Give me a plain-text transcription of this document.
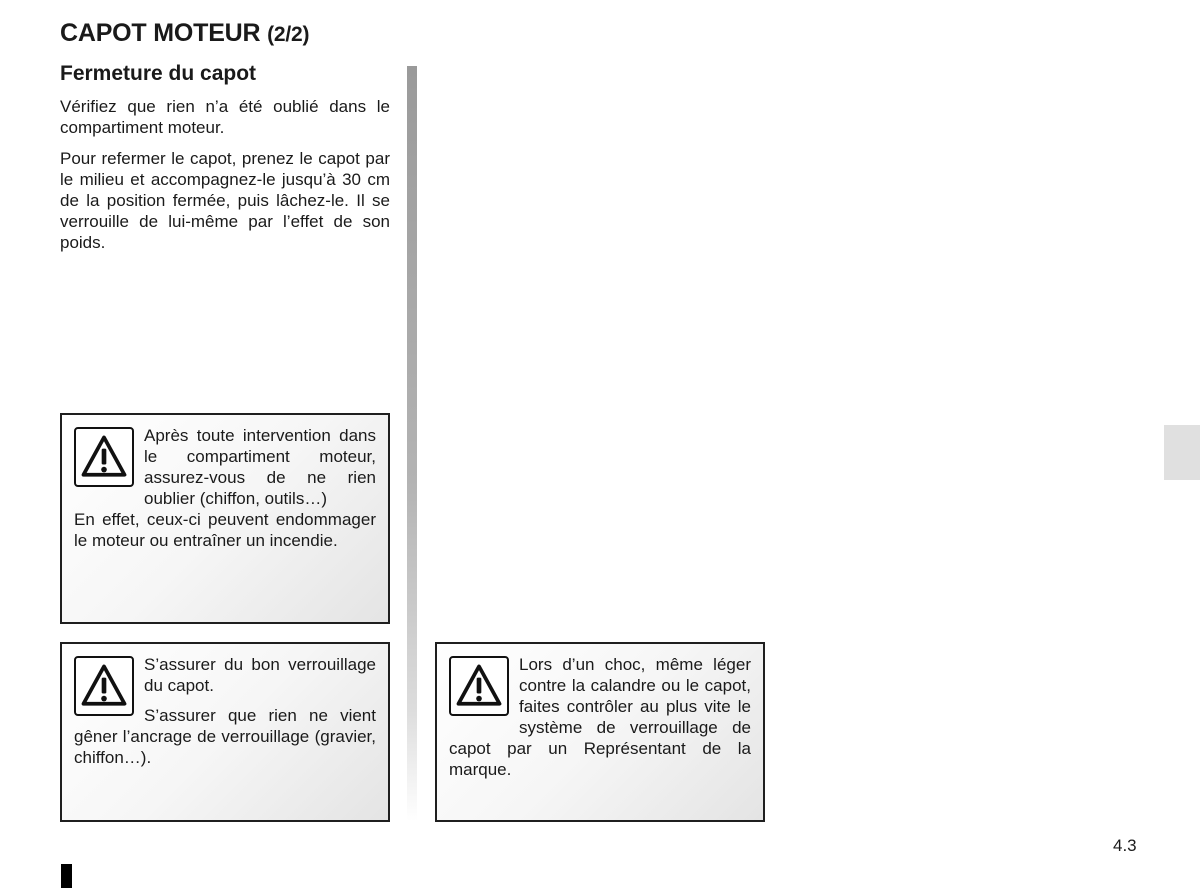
CAPOT MOTEUR (2/2)
Fermeture du capot

Vérifiez que rien n’a été oublié dans le compartiment moteur.

Pour refermer le capot, prenez le capot par le milieu et accompagnez-le jusqu’à 30 cm de la position fermée, puis lâchez-le. Il se verrouille de lui-même par l’effet de son poids.

Après toute intervention dans le compartiment moteur, assurez-vous de ne rien oublier (chiffon, outils…)

En effet, ceux-ci peuvent endommager le moteur ou entraîner un incendie.

S’assurer du bon verrouillage du capot.

S’assurer que rien ne vient gêner l’ancrage de verrouillage (gravier, chiffon…).

Lors d’un choc, même léger contre la calandre ou le capot, faites contrôler au plus vite le système de verrouillage de capot par un Représentant de la marque.

4.3
